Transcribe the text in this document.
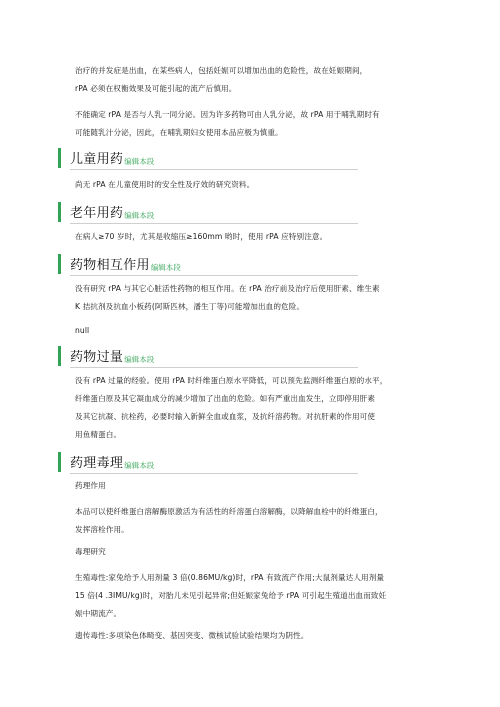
治疗的并发症是出血，在某些病人，包括妊娠可以增加出血的危险性，故在妊娠期间，
rPA 必须在权衡效果及可能引起的流产后慎用。
不能确定 rPA 是否与人乳一同分泌。因为许多药物可由人乳分泌，故 rPA 用于哺乳期时有
可能随乳汁分泌，因此，在哺乳期妇女使用本品应极为慎重。
儿童用药 编辑本段
尚无 rPA 在儿童使用时的安全性及疗效的研究资料。
老年用药 编辑本段
在病人≥70 岁时，尤其是收缩压≥160mm 哟时，使用 rPA 应特别注意。
药物相互作用 编辑本段
没有研究 rPA 与其它心脏活性药物的相互作用。在 rPA 治疗前及治疗后使用肝素、维生素
K 拮抗剂及抗血小板药(阿斯匹林，潘生丁等)可能增加出血的危险。
null
药物过量 编辑本段
没有 rPA 过量的经验。使用 rPA 时纤维蛋白原水平降低，可以预先监测纤维蛋白原的水平，
纤维蛋白原及其它凝血成分的减少增加了出血的危险。如有严重出血发生，立即停用肝素
及其它抗凝、抗栓药，必要时输入新鲜全血或血浆，及抗纤溶药物。对抗肝素的作用可使
用鱼精蛋白。
药理毒理 编辑本段
药理作用
本品可以使纤维蛋白溶解酶原激活为有活性的纤溶蛋白溶解酶，以降解血栓中的纤维蛋白，
发挥溶栓作用。
毒理研究
生殖毒性:家兔给予人用剂量 3 倍(0.86MU/kg)时，rPA 有致流产作用;大鼠剂量达人用剂量
15 倍(4 .3IMU/kg)时，对胎儿未见引起异常;但妊娠家兔给予 rPA 可引起生殖道出血而致妊
娠中期流产。
遗传毒性:多项染色体畸变、基因突变、微核试验试验结果均为阴性。
